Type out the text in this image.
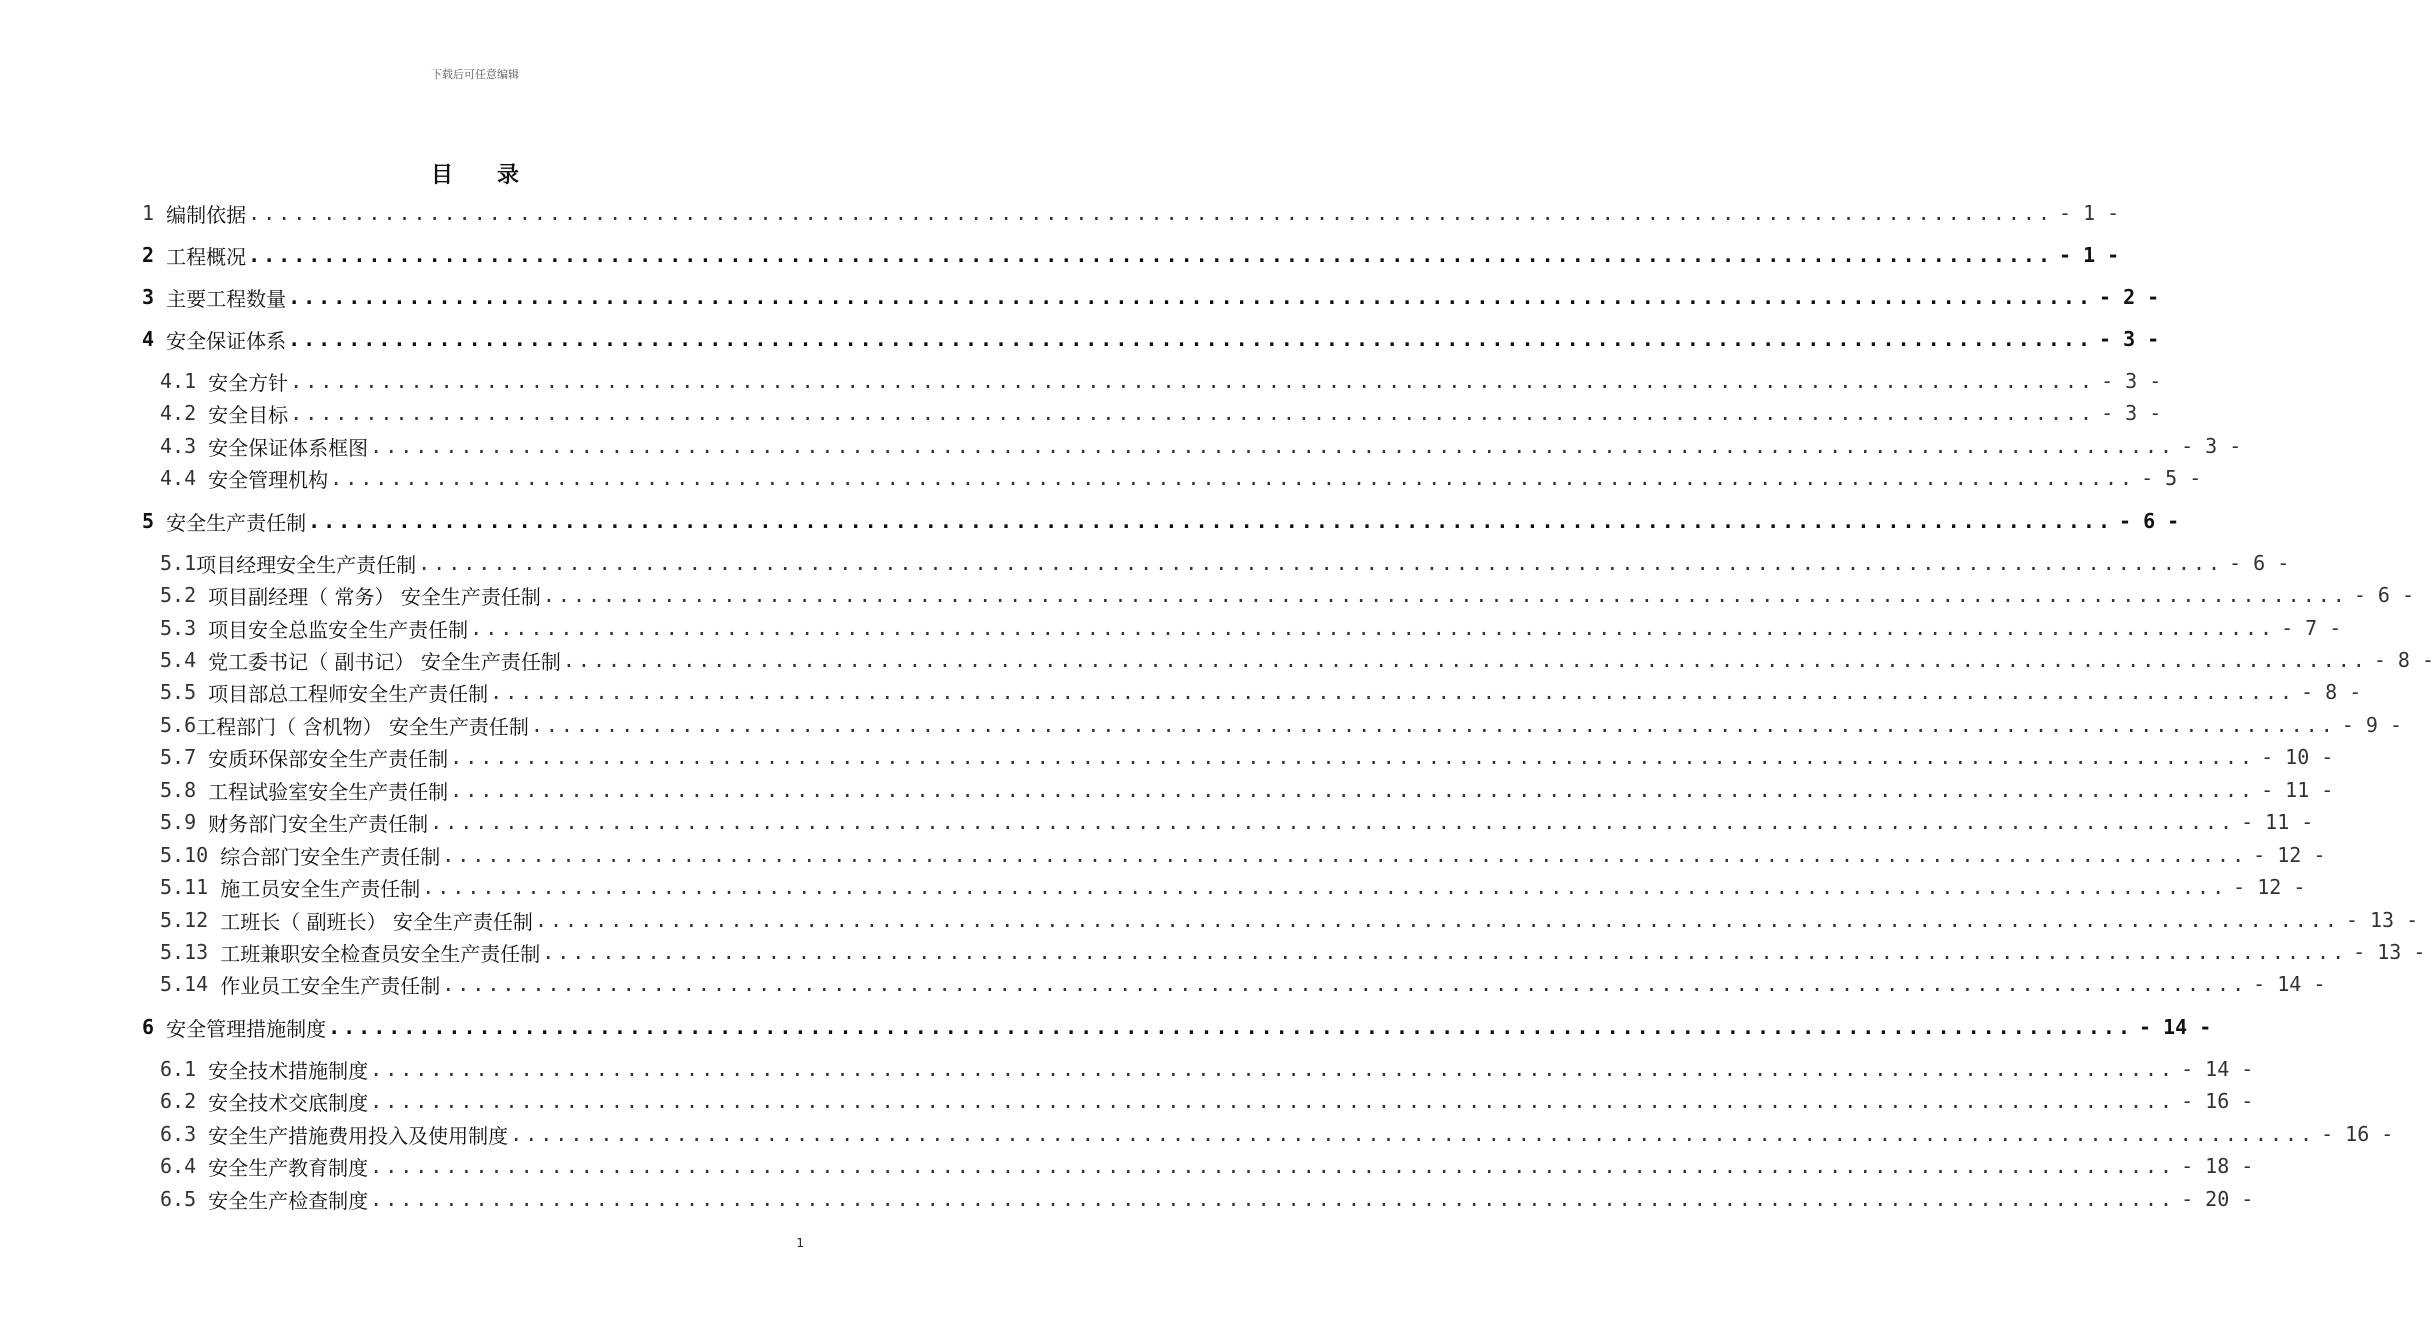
下载后可任意编辑
目录
1 编制依据 ........................................................................................................................ - 1 -
2 工程概况 ........................................................................................................................ - 1 -
3 主要工程数量 ........................................................................................................................ - 2 -
4 安全保证体系 ........................................................................................................................ - 3 -
4.1 安全方针 ........................................................................................................................ - 3 -
4.2 安全目标 ........................................................................................................................ - 3 -
4.3 安全保证体系框图 ........................................................................................................................ - 3 -
4.4 安全管理机构 ........................................................................................................................ - 5 -
5 安全生产责任制 ........................................................................................................................ - 6 -
5.1 项目经理安全生产责任制 ........................................................................................................................ - 6 -
5.2 项目副经理（ 常务） 安全生产责任制 ........................................................................................................................ - 6 -
5.3 项目安全总监安全生产责任制 ........................................................................................................................ - 7 -
5.4 党工委书记（ 副书记） 安全生产责任制 ........................................................................................................................ - 8 -
5.5 项目部总工程师安全生产责任制 ........................................................................................................................ - 8 -
5.6 工程部门（ 含机物） 安全生产责任制 ........................................................................................................................ - 9 -
5.7 安质环保部安全生产责任制 ........................................................................................................................ - 10 -
5.8 工程试验室安全生产责任制 ........................................................................................................................ - 11 -
5.9 财务部门安全生产责任制 ........................................................................................................................ - 11 -
5.10 综合部门安全生产责任制 ........................................................................................................................ - 12 -
5.11 施工员安全生产责任制 ........................................................................................................................ - 12 -
5.12 工班长（ 副班长） 安全生产责任制 ........................................................................................................................ - 13 -
5.13 工班兼职安全检查员安全生产责任制 ........................................................................................................................ - 13 -
5.14 作业员工安全生产责任制 ........................................................................................................................ - 14 -
6 安全管理措施制度 ........................................................................................................................ - 14 -
6.1 安全技术措施制度 ........................................................................................................................ - 14 -
6.2 安全技术交底制度 ........................................................................................................................ - 16 -
6.3 安全生产措施费用投入及使用制度 ........................................................................................................................ - 16 -
6.4 安全生产教育制度 ........................................................................................................................ - 18 -
6.5 安全生产检查制度 ........................................................................................................................ - 20 -
1
